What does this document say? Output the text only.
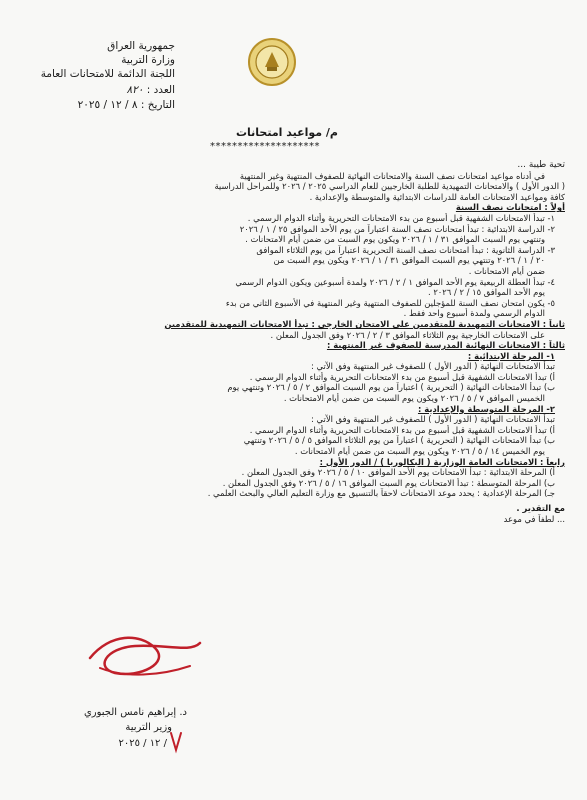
جمهورية العراق
وزارة التربية
اللجنة الدائمة للامتحانات العامة
العدد : ٨٢٠
التاريخ : ٨ / ١٢ / ٢٠٢٥
م/ مواعيد امتحانات
********************
تحية طيبة ...
في أدناه مواعيد امتحانات نصف السنة والامتحانات النهائية للصفوف المنتهية وغير المنتهية
( الدور الأول ) والامتحانات التمهيدية للطلبة الخارجيين للعام الدراسي ٢٠٢٥ / ٢٠٢٦ وللمراحل الدراسية
كافة ومواعيد الامتحانات العامة للدراسات الابتدائية والمتوسطة والإعدادية .
أولاً : امتحانات نصف السنة
١- تبدأ الامتحانات الشفهية قبل أسبوع من بدء الامتحانات التحريرية وأثناء الدوام الرسمي .
٢- الدراسة الابتدائية : تبدأ امتحانات نصف السنة اعتباراً من يوم الأحد الموافق ٢٥ / ١ / ٢٠٢٦
وتنتهي يوم السبت الموافق ٣١ / ١ / ٢٠٢٦ ويكون يوم السبت من ضمن أيام الامتحانات .
٣- الدراسة الثانوية : تبدأ امتحانات نصف السنة التحريرية اعتباراً من يوم الثلاثاء الموافق
٢٠ / ١ / ٢٠٢٦ وتنتهي يوم السبت الموافق ٣١ / ١ / ٢٠٢٦ ويكون يوم السبت من
ضمن أيام الامتحانات .
٤- تبدأ العطلة الربيعية يوم الأحد الموافق ١ / ٢ / ٢٠٢٦ ولمدة أسبوعين ويكون الدوام الرسمي
يوم الأحد الموافق ١٥ / ٢ / ٢٠٢٦ .
٥- يكون امتحان نصف السنة للمؤجلين للصفوف المنتهية وغير المنتهية في الأسبوع الثاني من بدء
الدوام الرسمي ولمدة أسبوع واحد فقط .
ثانياً : الامتحانات التمهيدية للمتقدمين على الامتحان الخارجي : تبدأ الامتحانات التمهيدية للمتقدمين
على الامتحانات الخارجية يوم الثلاثاء الموافق ٣ / ٢ / ٢٠٢٦ وفق الجدول المعلن .
ثالثاً : الامتحانات النهائية المدرسية للصفوف غير المنتهية :
١- المرحلة الابتدائية :
تبدأ الامتحانات النهائية ( الدور الأول ) للصفوف غير المنتهية وفق الآتي :
أ) تبدأ الامتحانات الشفهية قبل أسبوع من بدء الامتحانات التحريرية وأثناء الدوام الرسمي .
ب) تبدأ الامتحانات النهائية ( التحريرية ) اعتباراً من يوم السبت الموافق ٢ / ٥ / ٢٠٢٦ وتنتهي يوم
الخميس الموافق ٧ / ٥ / ٢٠٢٦ ويكون يوم السبت من ضمن أيام الامتحانات .
٢- المرحلة المتوسطة والإعدادية :
تبدأ الامتحانات النهائية ( الدور الأول ) للصفوف غير المنتهية وفق الآتي :
أ) تبدأ الامتحانات الشفهية قبل أسبوع من بدء الامتحانات التحريرية وأثناء الدوام الرسمي .
ب) تبدأ الامتحانات النهائية ( التحريرية ) اعتباراً من يوم الثلاثاء الموافق ٥ / ٥ / ٢٠٢٦ وتنتهي
يوم الخميس ١٤ / ٥ / ٢٠٢٦ ويكون يوم السبت من ضمن أيام الامتحانات .
رابعاً : الامتحانات العامة الوزارية ( البكالوريا ) / الدور الأول :
أ) المرحلة الابتدائية : تبدأ الامتحانات يوم الأحد الموافق ١٠ / ٥ / ٢٠٢٦ وفق الجدول المعلن .
ب) المرحلة المتوسطة : تبدأ الامتحانات يوم السبت الموافق ١٦ / ٥ / ٢٠٢٦ وفق الجدول المعلن .
جـ) المرحلة الإعدادية : يحدد موعد الامتحانات لاحقاً بالتنسيق مع وزارة التعليم العالي والبحث العلمي .
مع التقدير .
... لطفاً في موعد
د. إبراهيم نامس الجبوري
وزير التربية
/ ١٢ / ٢٠٢٥
